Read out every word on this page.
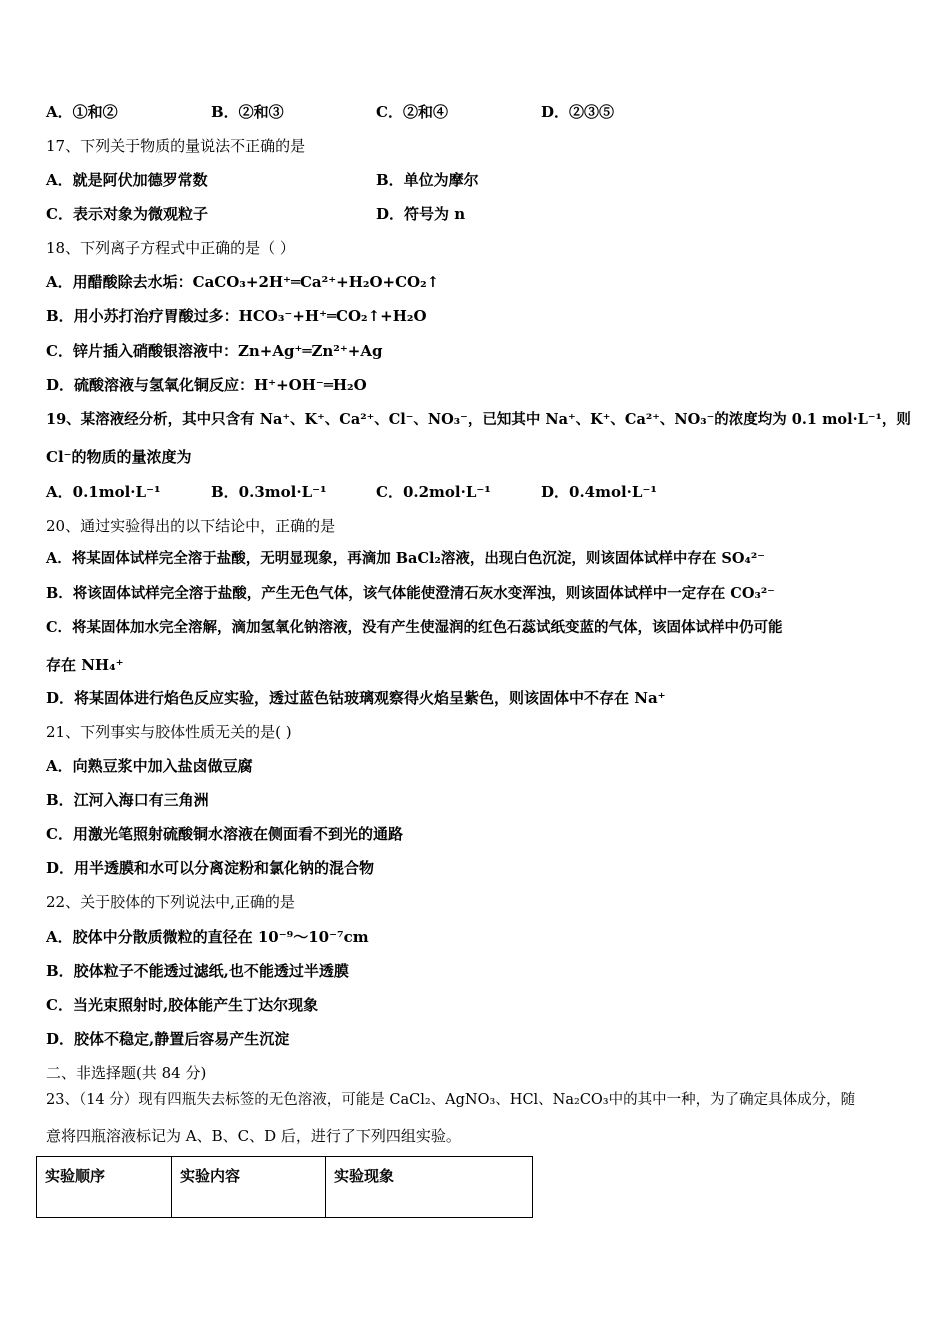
A．①和②	B．②和③	C．②和④	D．②③⑤
17、下列关于物质的量说法不正确的是
A．就是阿伏加德罗常数	B．单位为摩尔
C．表示对象为微观粒子	D．符号为 n
18、下列离子方程式中正确的是（ ）
A．用醋酸除去水垢：CaCO₃+2H⁺═Ca²⁺+H₂O+CO₂↑
B．用小苏打治疗胃酸过多：HCO₃⁻+H⁺═CO₂↑+H₂O
C．锌片插入硝酸银溶液中：Zn+Ag⁺═Zn²⁺+Ag
D．硫酸溶液与氢氧化铜反应：H⁺+OH⁻═H₂O
19、某溶液经分析，其中只含有 Na⁺、K⁺、Ca²⁺、Cl⁻、NO₃⁻，已知其中 Na⁺、K⁺、Ca²⁺、NO₃⁻的浓度均为 0.1 mol·L⁻¹，则
Cl⁻的物质的量浓度为
A．0.1mol·L⁻¹	B．0.3mol·L⁻¹	C．0.2mol·L⁻¹	D．0.4mol·L⁻¹
20、通过实验得出的以下结论中，正确的是
A．将某固体试样完全溶于盐酸，无明显现象，再滴加 BaCl₂溶液，出现白色沉淀，则该固体试样中存在 SO₄²⁻
B．将该固体试样完全溶于盐酸，产生无色气体，该气体能使澄清石灰水变浑浊，则该固体试样中一定存在 CO₃²⁻
C．将某固体加水完全溶解，滴加氢氧化钠溶液，没有产生使湿润的红色石蕊试纸变蓝的气体，该固体试样中仍可能
存在 NH₄⁺
D．将某固体进行焰色反应实验，透过蓝色钴玻璃观察得火焰呈紫色，则该固体中不存在 Na⁺
21、下列事实与胶体性质无关的是( )
A．向熟豆浆中加入盐卤做豆腐
B．江河入海口有三角洲
C．用激光笔照射硫酸铜水溶液在侧面看不到光的通路
D．用半透膜和水可以分离淀粉和氯化钠的混合物
22、关于胶体的下列说法中,正确的是
A．胶体中分散质微粒的直径在 10⁻⁹～10⁻⁷cm
B．胶体粒子不能透过滤纸,也不能透过半透膜
C．当光束照射时,胶体能产生丁达尔现象
D．胶体不稳定,静置后容易产生沉淀
二、非选择题(共 84 分)
23、（14 分）现有四瓶失去标签的无色溶液，可能是 CaCl₂、AgNO₃、HCl、Na₂CO₃中的其中一种，为了确定具体成分，随
意将四瓶溶液标记为 A、B、C、D 后，进行了下列四组实验。
实验顺序	实验内容	实验现象
